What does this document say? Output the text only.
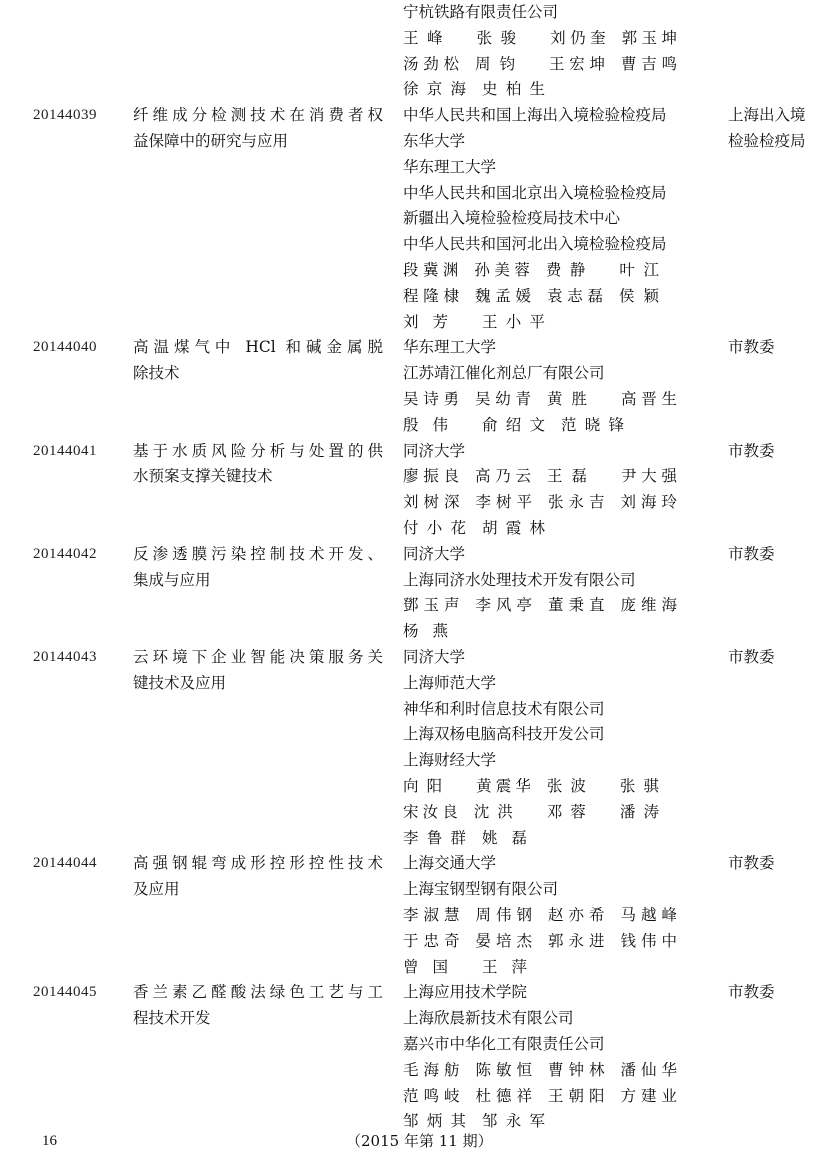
宁杭铁路有限责任公司
王峰 张骏 刘仍奎 郭玉坤
汤劲松 周钧 王宏坤 曹吉鸣
徐京海 史柏生
20144039 纤维成分检测技术在消费者权
益保障中的研究与应用
上海出入境
检验检疫局
中华人民共和国上海出入境检验检疫局
东华大学
华东理工大学
中华人民共和国北京出入境检验检疫局
新疆出入境检验检疫局技术中心
中华人民共和国河北出入境检验检疫局
段冀渊 孙美蓉 费静 叶江
程隆棣 魏孟媛 袁志磊 侯颖
刘芳 王小平
20144040 高温煤气中 HCl 和碱金属脱
除技术
市教委
华东理工大学
江苏靖江催化剂总厂有限公司
吴诗勇 吴幼青 黄胜 高晋生
殷伟 俞绍文 范晓锋
20144041 基于水质风险分析与处置的供
水预案支撑关键技术
市教委
同济大学
廖振良 高乃云 王磊 尹大强
刘树深 李树平 张永吉 刘海玲
付小花 胡霞林
20144042 反渗透膜污染控制技术开发、
集成与应用
市教委
同济大学
上海同济水处理技术开发有限公司
鄧玉声 李风亭 董秉直 庞维海
杨燕
20144043 云环境下企业智能决策服务关
键技术及应用
市教委
同济大学
上海师范大学
神华和利时信息技术有限公司
上海双杨电脑高科技开发公司
上海财经大学
向阳 黄震华 张波 张骐
宋汝良 沈洪 邓蓉 潘涛
李鲁群 姚磊
20144044 高强钢辊弯成形控形控性技术
及应用
市教委
上海交通大学
上海宝钢型钢有限公司
李淑慧 周伟钢 赵亦希 马越峰
于忠奇 晏培杰 郭永进 钱伟中
曾国 王萍
20144045 香兰素乙醛酸法绿色工艺与工
程技术开发
市教委
上海应用技术学院
上海欣晨新技术有限公司
嘉兴市中华化工有限责任公司
毛海舫 陈敏恒 曹钟林 潘仙华
范鸣岐 杜德祥 王朝阳 方建业
邹炳其 邹永军
16	（2015 年第 11 期）
